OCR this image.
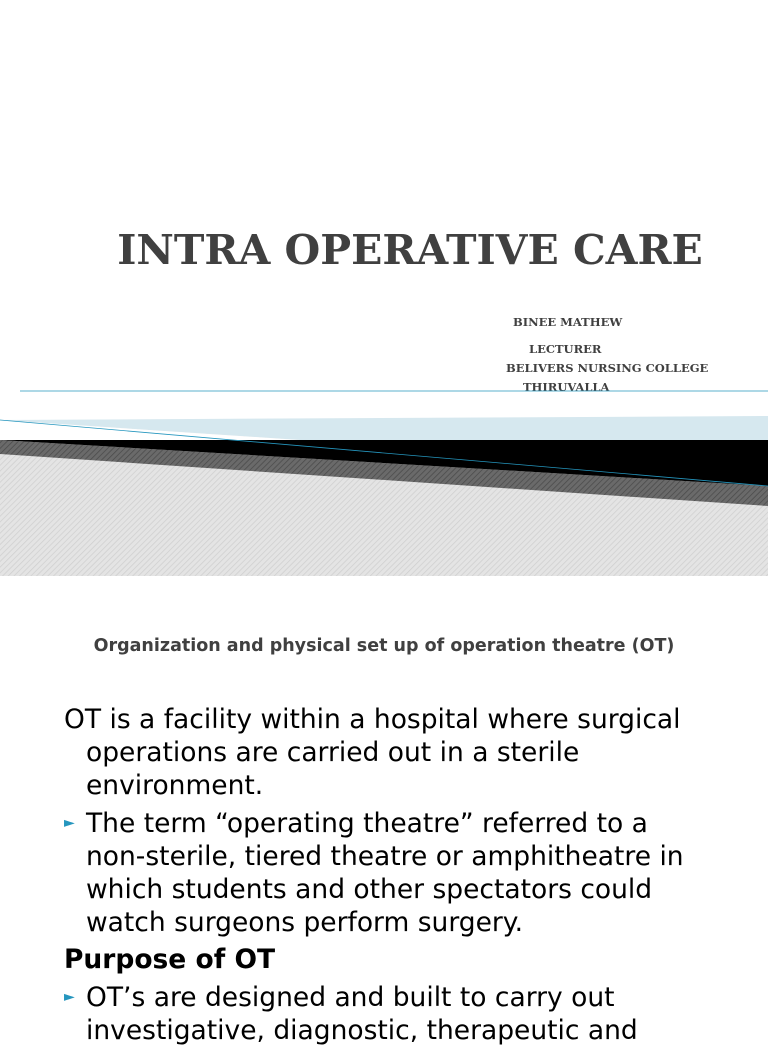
INTRA OPERATIVE CARE
BINEE MATHEW
LECTURER
BELIVERS NURSING COLLEGE
THIRUVALLA
Organization and physical set up of operation theatre (OT)
OT is a facility within a hospital where surgical
operations are carried out in a sterile
environment.
► The term “operating theatre” referred to a
non-sterile, tiered theatre or amphitheatre in
which students and other spectators could
watch surgeons perform surgery.
Purpose of OT
► OT’s are designed and built to carry out
investigative, diagnostic, therapeutic and
